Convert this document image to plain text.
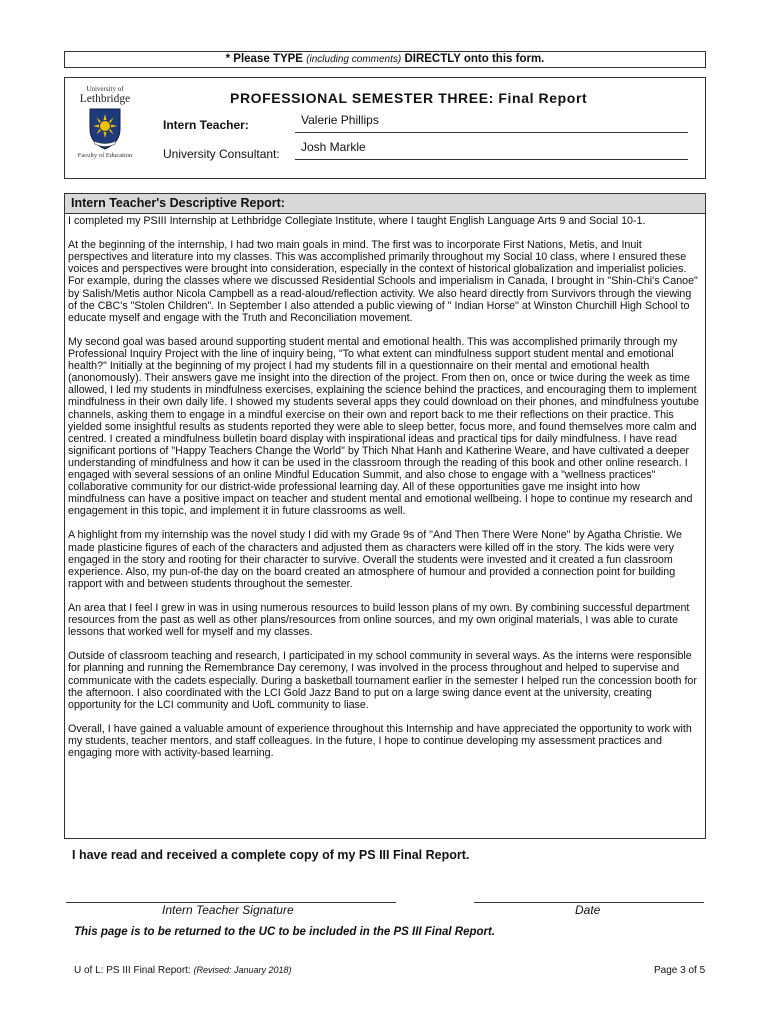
* Please TYPE (including comments) DIRECTLY onto this form.
University of
Lethbridge
Faculty of Education
PROFESSIONAL SEMESTER THREE: Final Report
Intern Teacher:	Valerie Phillips
University Consultant: Josh Markle
Intern Teacher's Descriptive Report:

I completed my PSIII Internship at Lethbridge Collegiate Institute, where I taught English Language Arts 9 and Social 10-1.

At the beginning of the internship, I had two main goals in mind. The first was to incorporate First Nations, Metis, and Inuit perspectives and literature into my classes. This was accomplished primarily throughout my Social 10 class, where I ensured these voices and perspectives were brought into consideration, especially in the context of historical globalization and imperialist policies. For example, during the classes where we discussed Residential Schools and imperialism in Canada, I brought in "Shin-Chi's Canoe" by Salish/Metis author Nicola Campbell as a read-aloud/reflection activity. We also heard directly from Survivors through the viewing of the CBC's "Stolen Children". In September I also attended a public viewing of " Indian Horse" at Winston Churchill High School to educate myself and engage with the Truth and Reconciliation movement.

My second goal was based around supporting student mental and emotional health. This was accomplished primarily through my Professional Inquiry Project with the line of inquiry being, "To what extent can mindfulness support student mental and emotional health?" Initially at the beginning of my project I had my students fill in a questionnaire on their mental and emotional health (anonomously). Their answers gave me insight into the direction of the project. From then on, once or twice during the week as time allowed, I led my students in mindfulness exercises, explaining the science behind the practices, and encouraging them to implement mindfulness in their own daily life. I showed my students several apps they could download on their phones, and mindfulness youtube channels, asking them to engage in a mindful exercise on their own and report back to me their reflections on their practice. This yielded some insightful results as students reported they were able to sleep better, focus more, and found themselves more calm and centred. I created a mindfulness bulletin board display with inspirational ideas and practical tips for daily mindfulness. I have read significant portions of "Happy Teachers Change the World" by Thich Nhat Hanh and Katherine Weare, and have cultivated a deeper understanding of mindfulness and how it can be used in the classroom through the reading of this book and other online research. I engaged with several sessions of an online Mindful Education Summit, and also chose to engage with a "wellness practices" collaborative community for our district-wide professional learning day. All of these opportunities gave me insight into how mindfulness can have a positive impact on teacher and student mental and emotional wellbeing. I hope to continue my research and engagement in this topic, and implement it in future classrooms as well.

A highlight from my internship was the novel study I did with my Grade 9s of "And Then There Were None" by Agatha Christie. We made plasticine figures of each of the characters and adjusted them as characters were killed off in the story. The kids were very engaged in the story and rooting for their character to survive. Overall the students were invested and it created a fun classroom experience. Also, my pun-of-the day on the board created an atmosphere of humour and provided a connection point for building rapport with and between students throughout the semester.

An area that I feel I grew in was in using numerous resources to build lesson plans of my own. By combining successful department resources from the past as well as other plans/resources from online sources, and my own original materials, I was able to curate lessons that worked well for myself and my classes.

Outside of classroom teaching and research, I participated in my school community in several ways. As the interns were responsible for planning and running the Remembrance Day ceremony, I was involved in the process throughout and helped to supervise and communicate with the cadets especially. During a basketball tournament earlier in the semester I helped run the concession booth for the afternoon. I also coordinated with the LCI Gold Jazz Band to put on a large swing dance event at the university, creating opportunity for the LCI community and UofL community to liase.

Overall, I have gained a valuable amount of experience throughout this Internship and have appreciated the opportunity to work with my students, teacher mentors, and staff colleagues. In the future, I hope to continue developing my assessment practices and engaging more with activity-based learning.

I have read and received a complete copy of my PS III Final Report.
Intern Teacher Signature	Date
This page is to be returned to the UC to be included in the PS III Final Report.
U of L: PS III Final Report: (Revised: January 2018)	Page 3 of 5
